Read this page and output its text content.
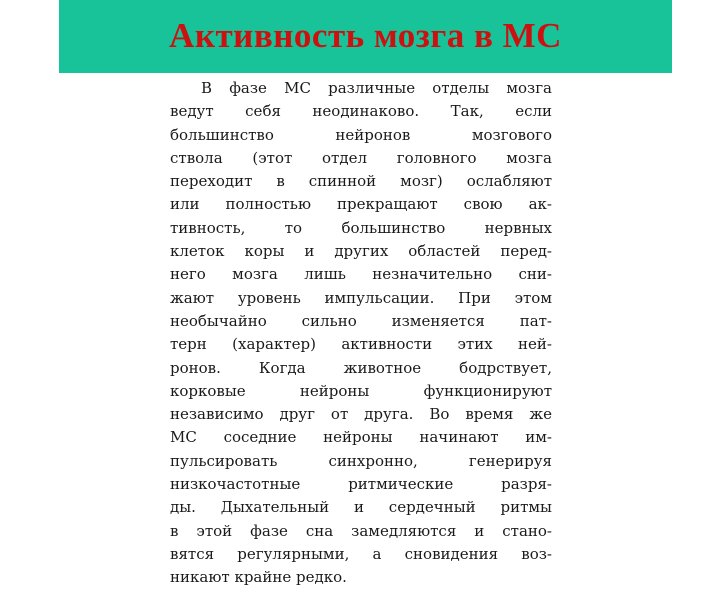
Активность мозга в МС
В фазе МС различные отделы мозга
ведут себя неодинаково. Так, если
большинство нейронов мозгового
ствола (этот отдел головного мозга
переходит в спинной мозг) ослабляют
или полностью прекращают свою ак-
тивность, то большинство нервных
клеток коры и других областей перед-
него мозга лишь незначительно сни-
жают уровень импульсации. При этом
необычайно сильно изменяется пат-
терн (характер) активности этих ней-
ронов. Когда животное бодрствует,
корковые нейроны функционируют
независимо друг от друга. Во время же
МС соседние нейроны начинают им-
пульсировать синхронно, генерируя
низкочастотные ритмические разря-
ды. Дыхательный и сердечный ритмы
в этой фазе сна замедляются и стано-
вятся регулярными, а сновидения воз-
никают крайне редко.
